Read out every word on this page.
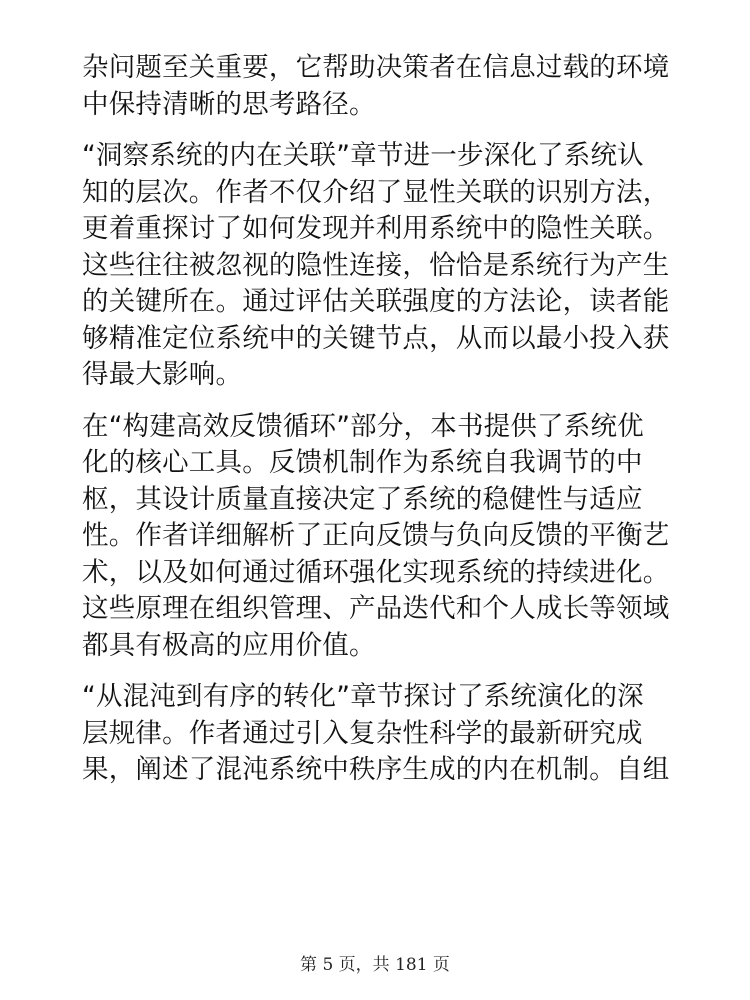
杂问题至关重要，它帮助决策者在信息过载的环境
中保持清晰的思考路径。

“洞察系统的内在关联”章节进一步深化了系统认
知的层次。作者不仅介绍了显性关联的识别方法，
更着重探讨了如何发现并利用系统中的隐性关联。
这些往往被忽视的隐性连接，恰恰是系统行为产生
的关键所在。通过评估关联强度的方法论，读者能
够精准定位系统中的关键节点，从而以最小投入获
得最大影响。

在“构建高效反馈循环”部分，本书提供了系统优
化的核心工具。反馈机制作为系统自我调节的中
枢，其设计质量直接决定了系统的稳健性与适应
性。作者详细解析了正向反馈与负向反馈的平衡艺
术，以及如何通过循环强化实现系统的持续进化。
这些原理在组织管理、产品迭代和个人成长等领域
都具有极高的应用价值。

“从混沌到有序的转化”章节探讨了系统演化的深
层规律。作者通过引入复杂性科学的最新研究成
果，阐述了混沌系统中秩序生成的内在机制。自组

第 5 页，共 181 页
